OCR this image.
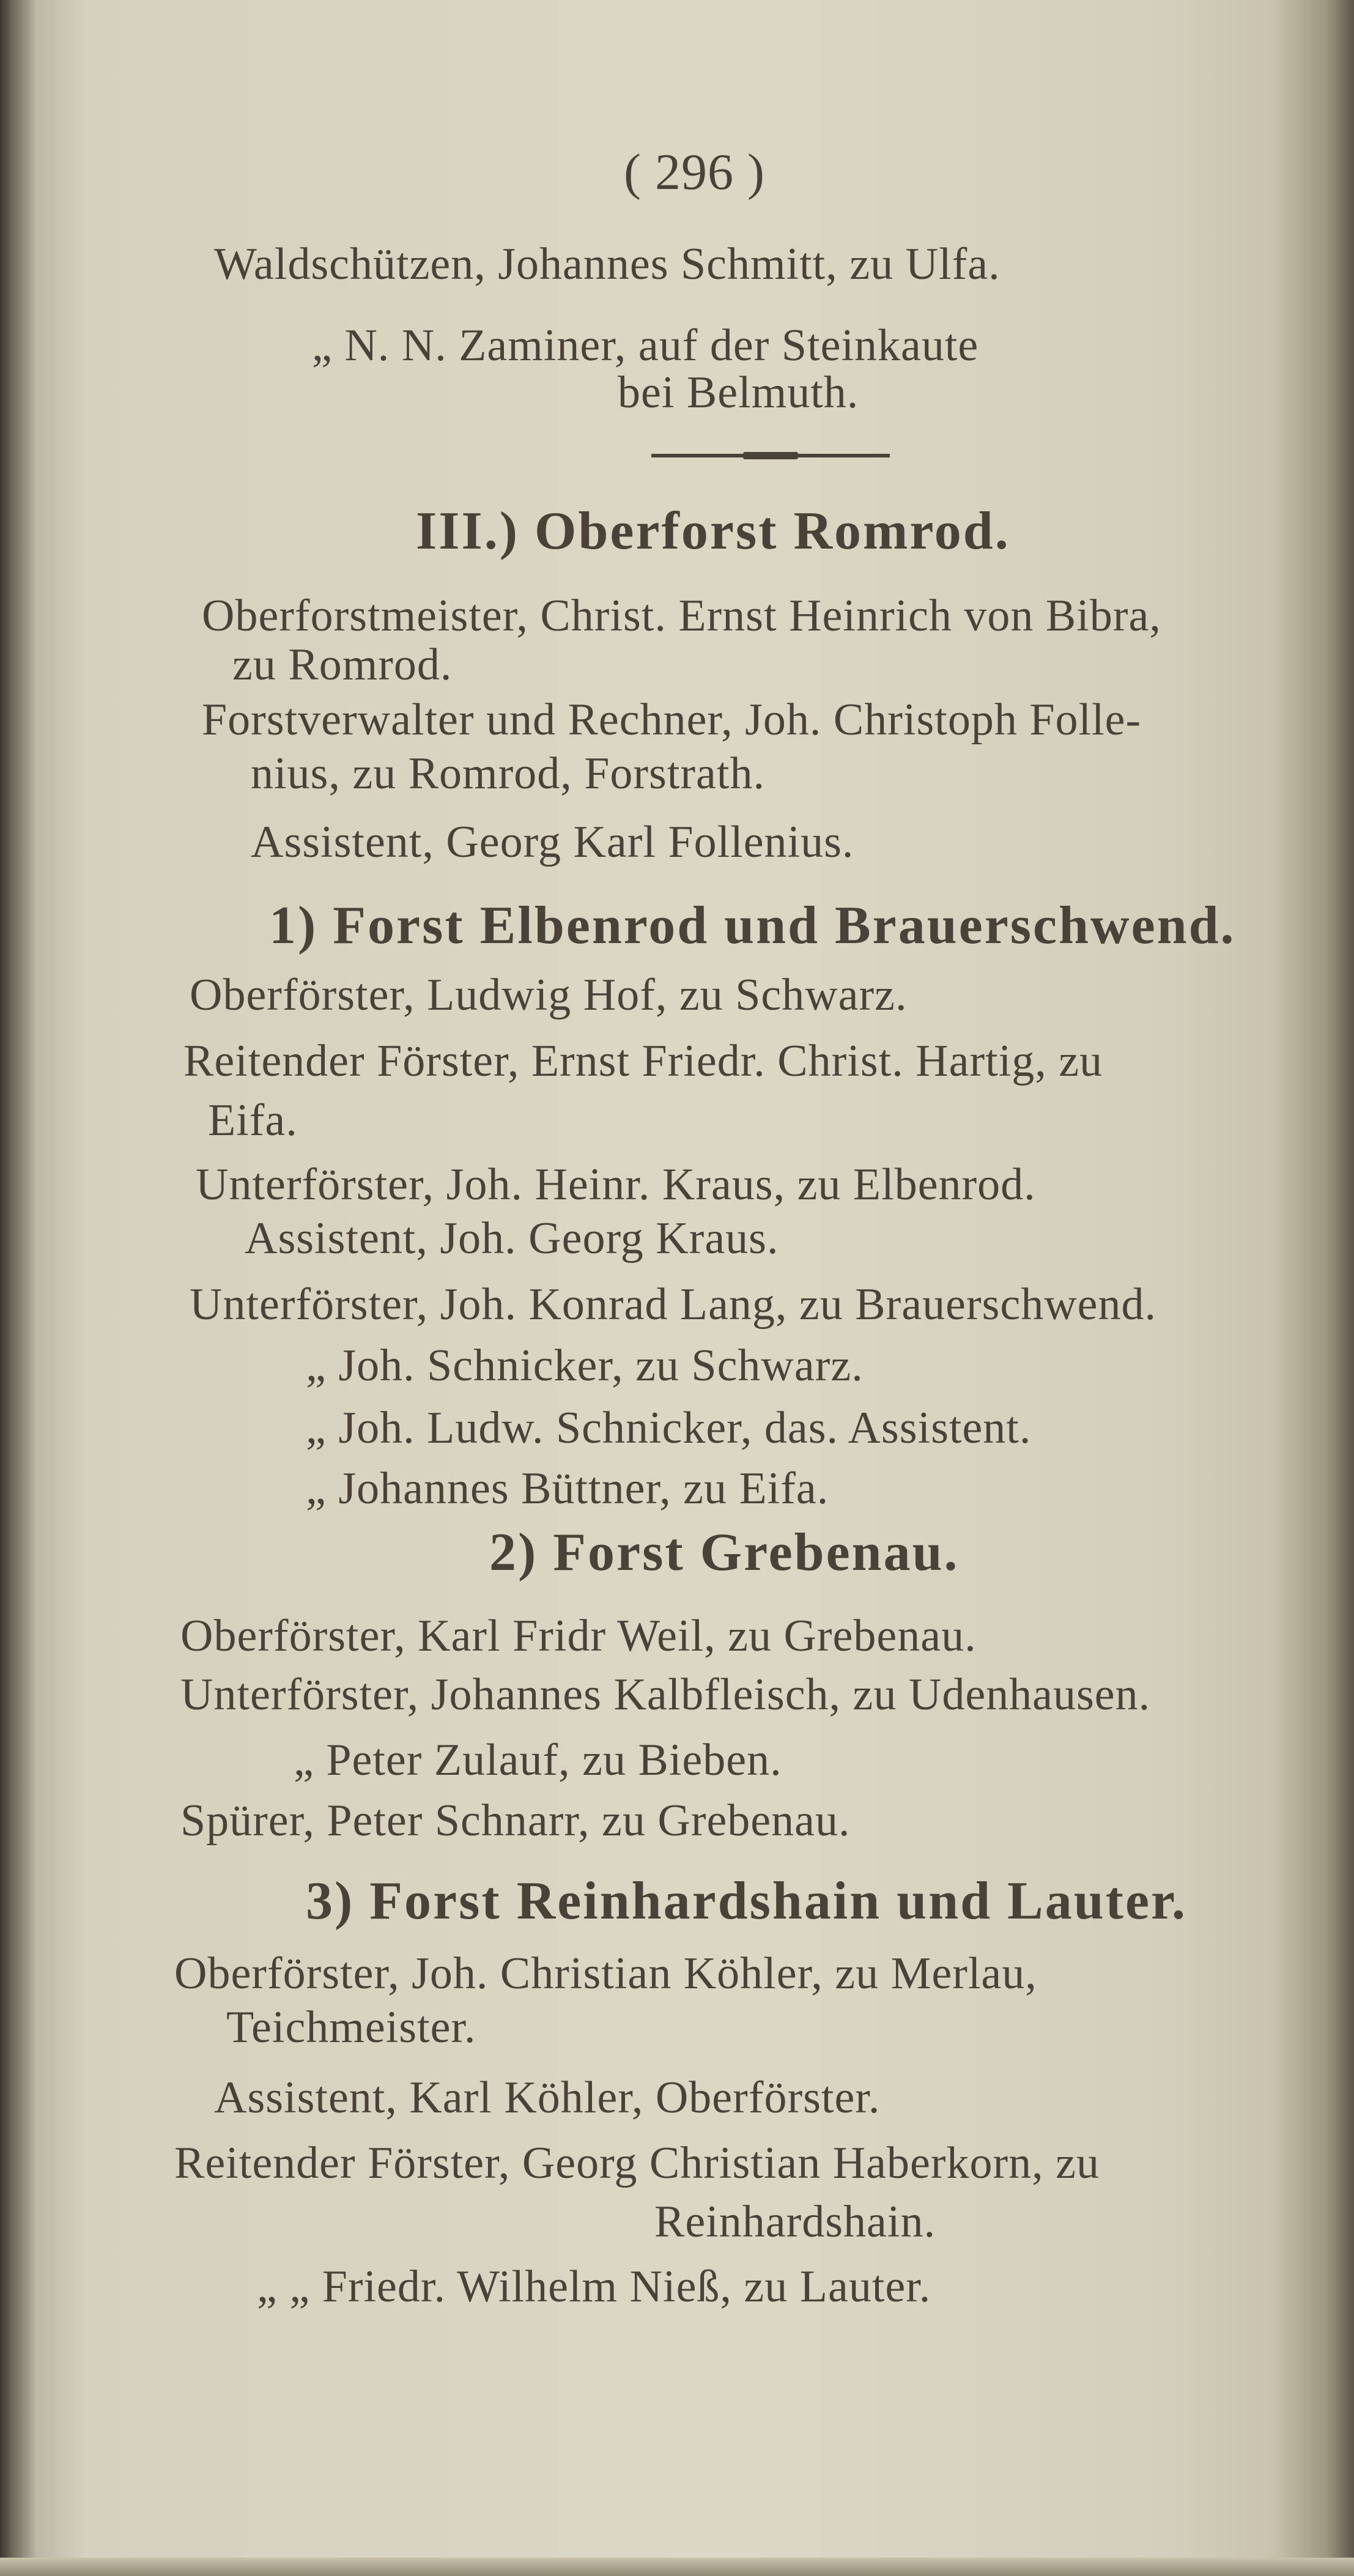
( 296 )
Waldschützen, Johannes Schmitt, zu Ulfa.
„ N. N. Zaminer, auf der Steinkaute
bei Belmuth.
III.) Oberforst Romrod.
Oberforstmeister, Christ. Ernst Heinrich von Bibra,
zu Romrod.
Forstverwalter und Rechner, Joh. Christoph Folle-
nius, zu Romrod, Forstrath.
Assistent, Georg Karl Follenius.
1) Forst Elbenrod und Brauerschwend.
Oberförster, Ludwig Hof, zu Schwarz.
Reitender Förster, Ernst Friedr. Christ. Hartig, zu
Eifa.
Unterförster, Joh. Heinr. Kraus, zu Elbenrod.
Assistent, Joh. Georg Kraus.
Unterförster, Joh. Konrad Lang, zu Brauerschwend.
„ Joh. Schnicker, zu Schwarz.
„ Joh. Ludw. Schnicker, das. Assistent.
„ Johannes Büttner, zu Eifa.
2) Forst Grebenau.
Oberförster, Karl Fridr Weil, zu Grebenau.
Unterförster, Johannes Kalbfleisch, zu Udenhausen.
„ Peter Zulauf, zu Bieben.
Spürer, Peter Schnarr, zu Grebenau.
3) Forst Reinhardshain und Lauter.
Oberförster, Joh. Christian Köhler, zu Merlau,
Teichmeister.
Assistent, Karl Köhler, Oberförster.
Reitender Förster, Georg Christian Haberkorn, zu
Reinhardshain.
„ „ Friedr. Wilhelm Nieß, zu Lauter.
